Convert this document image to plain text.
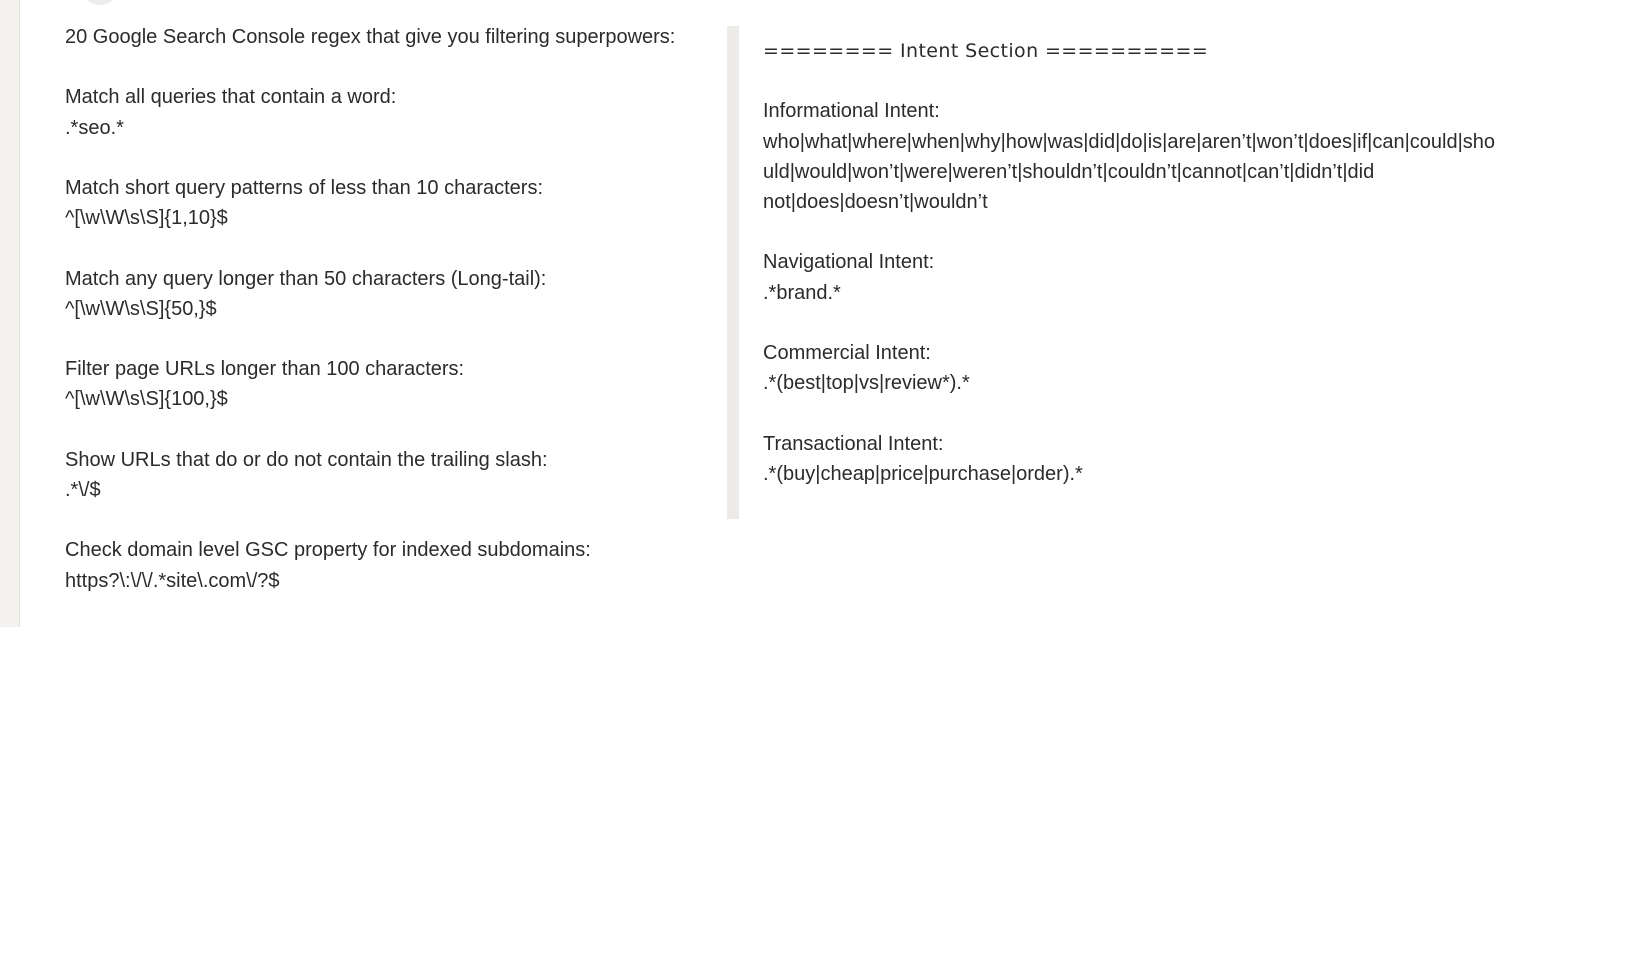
20 Google Search Console regex that give you filtering superpowers:

Match all queries that contain a word:

.*seo.*

Match short query patterns of less than 10 characters:

^[\w\W\s\S]{1,10}$

Match any query longer than 50 characters (Long-tail):

^[\w\W\s\S]{50,}$

Filter page URLs longer than 100 characters:

^[\w\W\s\S]{100,}$

Show URLs that do or do not contain the trailing slash:

.*\/$

Check domain level GSC property for indexed subdomains:

https?\:\/\/.*site\.com\/?$

======== Intent Section ==========

Informational Intent:

who|what|where|when|why|how|was|did|do|is|are|aren’t|won’t|does|if|can|could|sho

uld|would|won’t|were|weren’t|shouldn’t|couldn’t|cannot|can’t|didn’t|did

not|does|doesn’t|wouldn’t

Navigational Intent:

.*brand.*

Commercial Intent:

.*(best|top|vs|review*).*

Transactional Intent:

.*(buy|cheap|price|purchase|order).*
